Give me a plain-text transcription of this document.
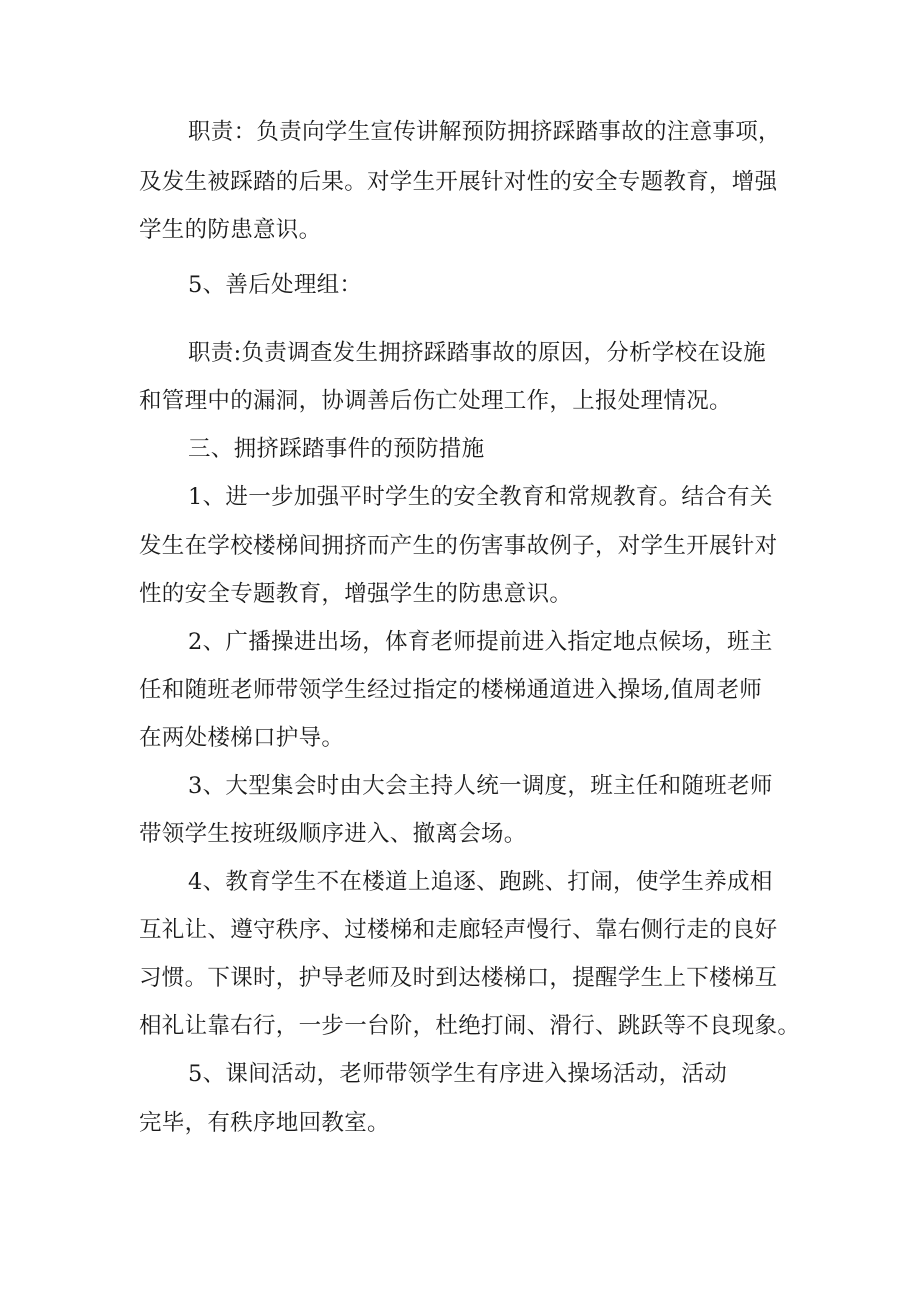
职责：负责向学生宣传讲解预防拥挤踩踏事故的注意事项，
及发生被踩踏的后果。对学生开展针对性的安全专题教育，增强
学生的防患意识。
5、善后处理组：
职责:负责调查发生拥挤踩踏事故的原因，分析学校在设施
和管理中的漏洞，协调善后伤亡处理工作，上报处理情况。
三、拥挤踩踏事件的预防措施
1、进一步加强平时学生的安全教育和常规教育。结合有关
发生在学校楼梯间拥挤而产生的伤害事故例子，对学生开展针对
性的安全专题教育，增强学生的防患意识。
2、广播操进出场，体育老师提前进入指定地点候场，班主
任和随班老师带领学生经过指定的楼梯通道进入操场,值周老师
在两处楼梯口护导。
3、大型集会时由大会主持人统一调度，班主任和随班老师
带领学生按班级顺序进入、撤离会场。
4、教育学生不在楼道上追逐、跑跳、打闹，使学生养成相
互礼让、遵守秩序、过楼梯和走廊轻声慢行、靠右侧行走的良好
习惯。下课时，护导老师及时到达楼梯口，提醒学生上下楼梯互
相礼让靠右行，一步一台阶，杜绝打闹、滑行、跳跃等不良现象。
5、课间活动，老师带领学生有序进入操场活动，活动
完毕，有秩序地回教室。
